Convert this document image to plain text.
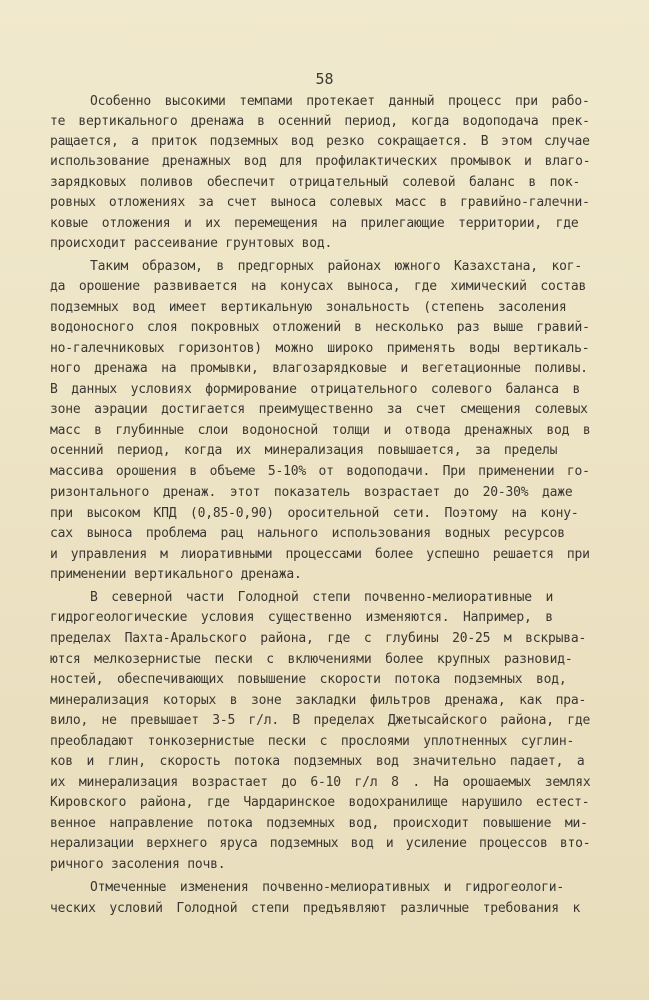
58
Особенно высокими темпами протекает данный процесс при рабо-
те вертикального дренажа в осенний период, когда водоподача прек-
ращается, а приток подземных вод резко сокращается. В этом случае
использование дренажных вод для профилактических промывок и влаго-
зарядковых поливов обеспечит отрицательный солевой баланс в пок-
ровных отложениях за счет выноса солевых масс в гравийно-галечни-
ковые отложения и их перемещения на прилегающие территории, где
происходит рассеивание грунтовых вод.
Таким образом, в предгорных районах южного Казахстана, ког-
да орошение развивается на конусах выноса, где химический состав
подземных вод имеет вертикальную зональность (степень засоления
водоносного слоя покровных отложений в несколько раз выше гравий-
но-галечниковых горизонтов) можно широко применять воды вертикаль-
ного дренажа на промывки, влагозарядковые и вегетационные поливы.
В данных условиях формирование отрицательного солевого баланса в
зоне аэрации достигается преимущественно за счет смещения солевых
масс в глубинные слои водоносной толщи и отвода дренажных вод в
осенний период, когда их минерализация повышается, за пределы
массива орошения в объеме 5-10% от водоподачи. При применении го-
ризонтального дренаж. этот показатель возрастает до 20-30% даже
при высоком КПД (0,85-0,90) оросительной сети. Поэтому на кону-
сах выноса проблема рац нального использования водных ресурсов
и управления м лиоративными процессами более успешно решается при
применении вертикального дренажа.
В северной части Голодной степи почвенно-мелиоративные и
гидрогеологические условия существенно изменяются. Например, в
пределах Пахта-Аральского района, где с глубины 20-25 м вскрыва-
ются мелкозернистые пески с включениями более крупных разновид-
ностей, обеспечивающих повышение скорости потока подземных вод,
минерализация которых в зоне закладки фильтров дренажа, как пра-
вило, не превышает 3-5 г/л. В пределах Джетысайского района, где
преобладают тонкозернистые пески с прослоями уплотненных суглин-
ков и глин, скорость потока подземных вод значительно падает, а
их минерализация возрастает до 6-10 г/л 8 . На орошаемых землях
Кировского района, где Чардаринское водохранилище нарушило естест-
венное направление потока подземных вод, происходит повышение ми-
нерализации верхнего яруса подземных вод и усиление процессов вто-
ричного засоления почв.
Отмеченные изменения почвенно-мелиоративных и гидрогеологи-
ческих условий Голодной степи предъявляют различные требования к
